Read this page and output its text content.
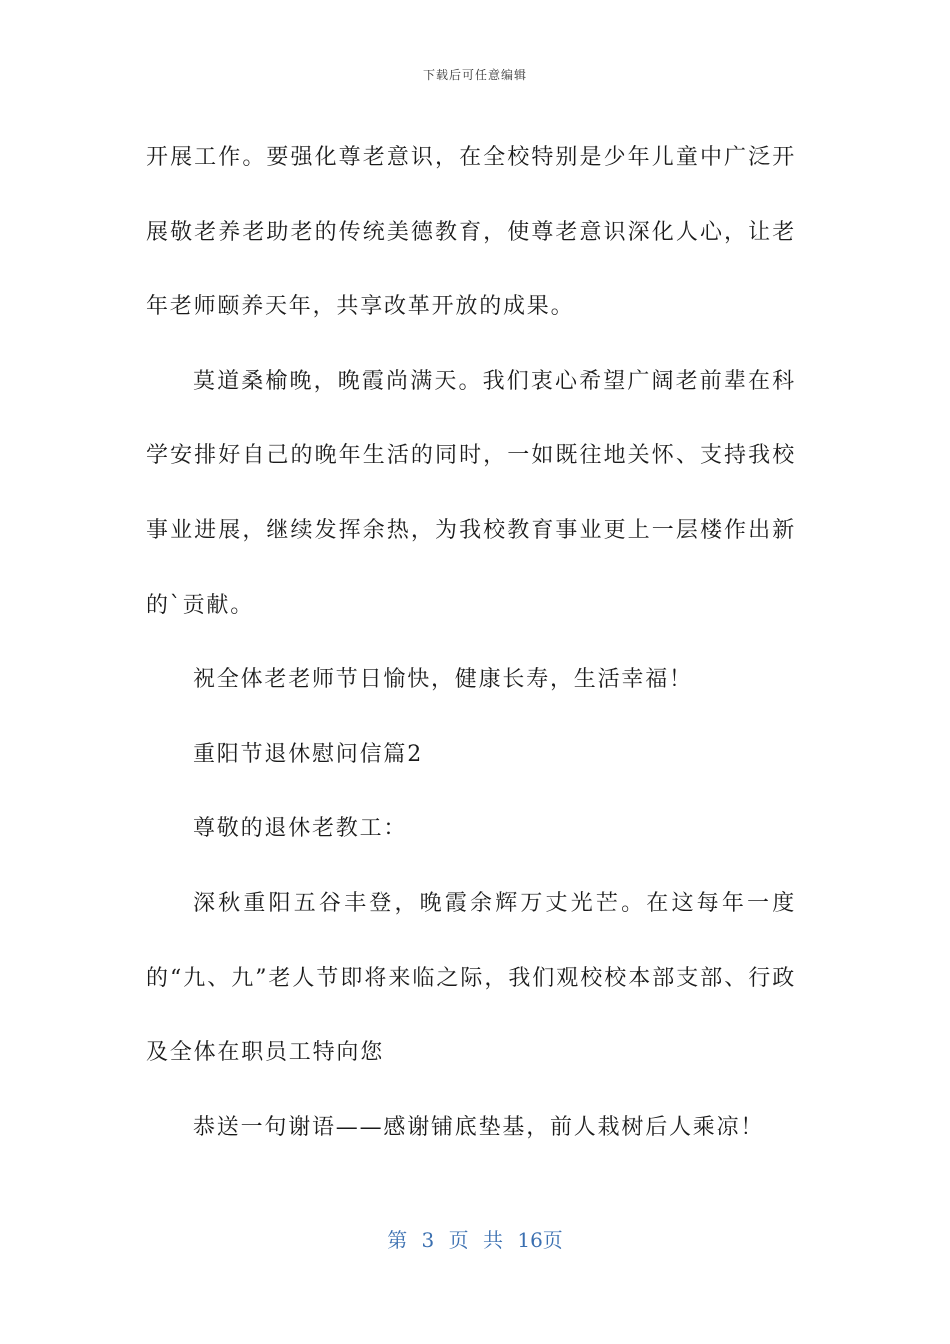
下载后可任意编辑

开展工作。要强化尊老意识，在全校特别是少年儿童中广泛开展敬老养老助老的传统美德教育，使尊老意识深化人心，让老年老师颐养天年，共享改革开放的成果。

莫道桑榆晚，晚霞尚满天。我们衷心希望广阔老前辈在科学安排好自己的晚年生活的同时，一如既往地关怀、支持我校事业进展，继续发挥余热，为我校教育事业更上一层楼作出新的`贡献。

祝全体老老师节日愉快，健康长寿，生活幸福！

重阳节退休慰问信篇2

尊敬的退休老教工：

深秋重阳五谷丰登，晚霞余辉万丈光芒。在这每年一度的“九、九”老人节即将来临之际，我们观校校本部支部、行政及全体在职员工特向您

恭送一句谢语——感谢铺底垫基，前人栽树后人乘凉！

第 3 页 共 16页
